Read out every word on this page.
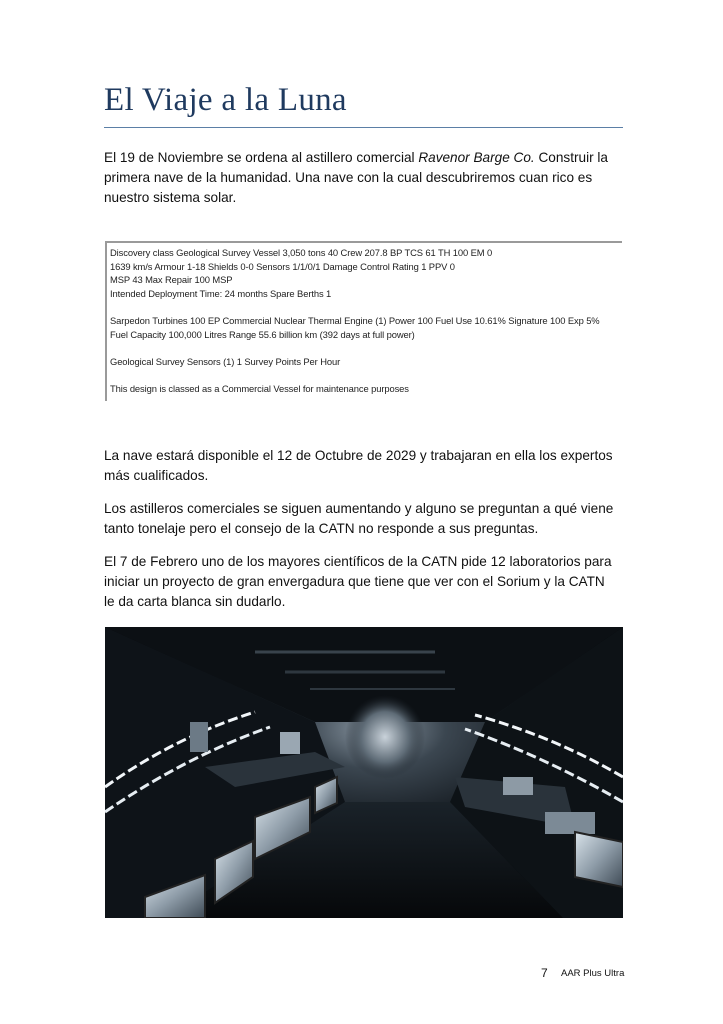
El Viaje a la Luna

El 19 de Noviembre se ordena al astillero comercial Ravenor Barge Co. Construir la primera nave de la humanidad. Una nave con la cual descubriremos cuan rico es nuestro sistema solar.

Discovery class Geological Survey Vessel 3,050 tons 40 Crew 207.8 BP TCS 61 TH 100 EM 0
1639 km/s Armour 1-18 Shields 0-0 Sensors 1/1/0/1 Damage Control Rating 1 PPV 0
MSP 43 Max Repair 100 MSP
Intended Deployment Time: 24 months Spare Berths 1
Sarpedon Turbines 100 EP Commercial Nuclear Thermal Engine (1) Power 100 Fuel Use 10.61% Signature 100 Exp 5%
Fuel Capacity 100,000 Litres Range 55.6 billion km (392 days at full power)
Geological Survey Sensors (1) 1 Survey Points Per Hour
This design is classed as a Commercial Vessel for maintenance purposes

La nave estará disponible el 12 de Octubre de 2029 y trabajaran en ella los expertos más cualificados.

Los astilleros comerciales se siguen aumentando y alguno se preguntan a qué viene tanto tonelaje pero el consejo de la CATN no responde a sus preguntas.

El 7 de Febrero uno de los mayores científicos de la CATN pide 12 laboratorios para iniciar un proyecto de gran envergadura que tiene que ver con el Sorium y la CATN le da carta blanca sin dudarlo.

7 AAR Plus Ultra
